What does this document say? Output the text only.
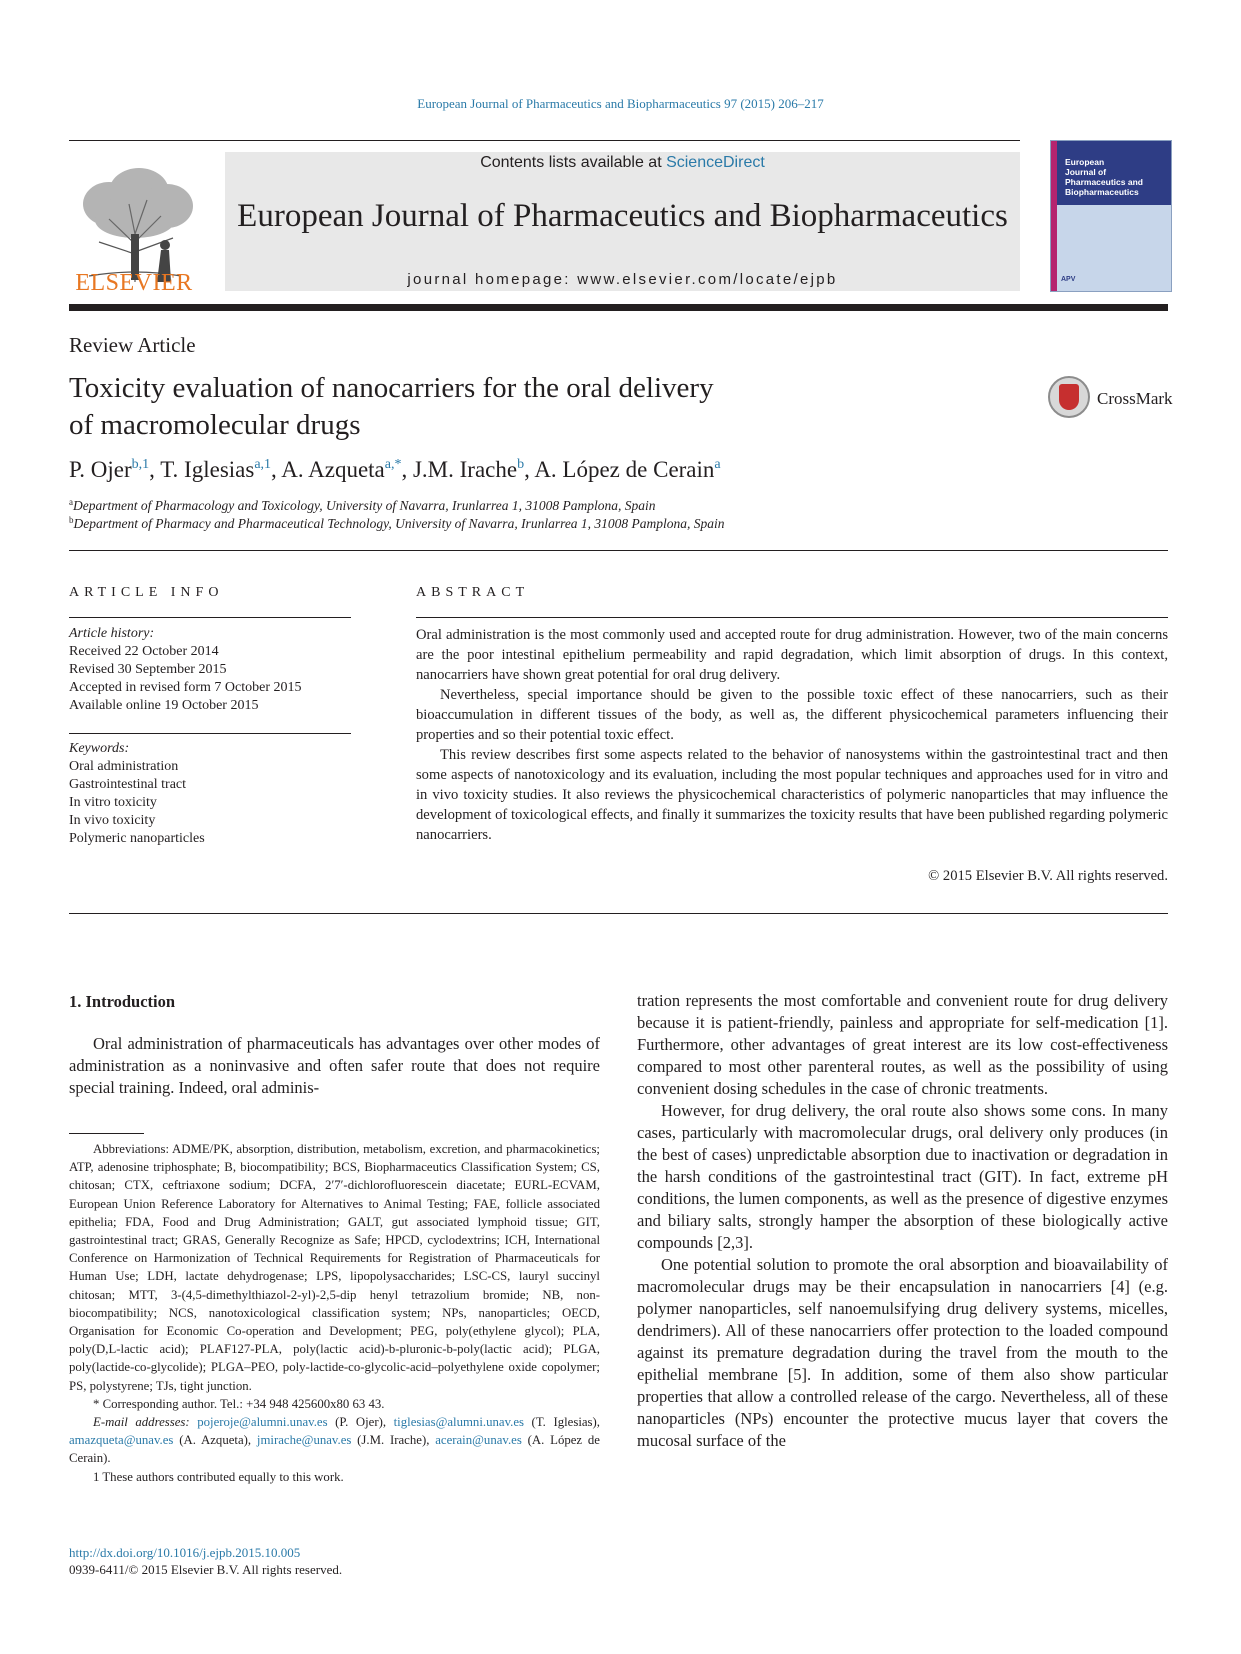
European Journal of Pharmaceutics and Biopharmaceutics 97 (2015) 206–217
ELSEVIER
Contents lists available at ScienceDirect
European Journal of Pharmaceutics and Biopharmaceutics
journal homepage: www.elsevier.com/locate/ejpb
European
Journal of
Pharmaceutics and
Biopharmaceutics
APV
Review Article
Toxicity evaluation of nanocarriers for the oral delivery
of macromolecular drugs
CrossMark
P. Ojer$^{b,1}$, T. Iglesias$^{a,1}$, A. Azqueta$^{a,*}$, J.M. Irache$^b$, A. López de Cerain$^a$
$^a$Department of Pharmacology and Toxicology, University of Navarra, Irunlarrea 1, 31008 Pamplona, Spain
$^b$Department of Pharmacy and Pharmaceutical Technology, University of Navarra, Irunlarrea 1, 31008 Pamplona, Spain
ARTICLE INFO	ABSTRACT
Article history:
Received 22 October 2014
Revised 30 September 2015
Accepted in revised form 7 October 2015
Available online 19 October 2015
Keywords:
Oral administration
Gastrointestinal tract
In vitro toxicity
In vivo toxicity
Polymeric nanoparticles

Oral administration is the most commonly used and accepted route for drug administration. However, two of the main concerns are the poor intestinal epithelium permeability and rapid degradation, which limit absorption of drugs. In this context, nanocarriers have shown great potential for oral drug delivery.

Nevertheless, special importance should be given to the possible toxic effect of these nanocarriers, such as their bioaccumulation in different tissues of the body, as well as, the different physicochemical parameters influencing their properties and so their potential toxic effect.

This review describes first some aspects related to the behavior of nanosystems within the gastrointestinal tract and then some aspects of nanotoxicology and its evaluation, including the most popular techniques and approaches used for in vitro and in vivo toxicity studies. It also reviews the physicochemical characteristics of polymeric nanoparticles that may influence the development of toxicological effects, and finally it summarizes the toxicity results that have been published regarding polymeric nanocarriers.

© 2015 Elsevier B.V. All rights reserved.
1. Introduction

Oral administration of pharmaceuticals has advantages over other modes of administration as a noninvasive and often safer route that does not require special training. Indeed, oral adminis-

Abbreviations: ADME/PK, absorption, distribution, metabolism, excretion, and pharmacokinetics; ATP, adenosine triphosphate; B, biocompatibility; BCS, Biopharmaceutics Classification System; CS, chitosan; CTX, ceftriaxone sodium; DCFA, 2′7′-dichlorofluorescein diacetate; EURL-ECVAM, European Union Reference Laboratory for Alternatives to Animal Testing; FAE, follicle associated epithelia; FDA, Food and Drug Administration; GALT, gut associated lymphoid tissue; GIT, gastrointestinal tract; GRAS, Generally Recognize as Safe; HPCD, cyclodextrins; ICH, International Conference on Harmonization of Technical Requirements for Registration of Pharmaceuticals for Human Use; LDH, lactate dehydrogenase; LPS, lipopolysaccharides; LSC-CS, lauryl succinyl chitosan; MTT, 3-(4,5-dimethylthiazol-2-yl)-2,5-dip henyl tetrazolium bromide; NB, non-biocompatibility; NCS, nanotoxicological classification system; NPs, nanoparticles; OECD, Organisation for Economic Co-operation and Development; PEG, poly(ethylene glycol); PLA, poly(D,L-lactic acid); PLAF127-PLA, poly(lactic acid)-b-pluronic-b-poly(lactic acid); PLGA, poly(lactide-co-glycolide); PLGA–PEO, poly-lactide-co-glycolic-acid–polyethylene oxide copolymer; PS, polystyrene; TJs, tight junction.

* Corresponding author. Tel.: +34 948 425600x80 63 43.

E-mail addresses: pojeroje@alumni.unav.es (P. Ojer), tiglesias@alumni.unav.es (T. Iglesias), amazqueta@unav.es (A. Azqueta), jmirache@unav.es (J.M. Irache), acerain@unav.es (A. López de Cerain).

1 These authors contributed equally to this work.

tration represents the most comfortable and convenient route for drug delivery because it is patient-friendly, painless and appropriate for self-medication [1]. Furthermore, other advantages of great interest are its low cost-effectiveness compared to most other parenteral routes, as well as the possibility of using convenient dosing schedules in the case of chronic treatments.

However, for drug delivery, the oral route also shows some cons. In many cases, particularly with macromolecular drugs, oral delivery only produces (in the best of cases) unpredictable absorption due to inactivation or degradation in the harsh conditions of the gastrointestinal tract (GIT). In fact, extreme pH conditions, the lumen components, as well as the presence of digestive enzymes and biliary salts, strongly hamper the absorption of these biologically active compounds [2,3].

One potential solution to promote the oral absorption and bioavailability of macromolecular drugs may be their encapsulation in nanocarriers [4] (e.g. polymer nanoparticles, self nanoemulsifying drug delivery systems, micelles, dendrimers). All of these nanocarriers offer protection to the loaded compound against its premature degradation during the travel from the mouth to the epithelial membrane [5]. In addition, some of them also show particular properties that allow a controlled release of the cargo. Nevertheless, all of these nanoparticles (NPs) encounter the protective mucus layer that covers the mucosal surface of the

http://dx.doi.org/10.1016/j.ejpb.2015.10.005
0939-6411/© 2015 Elsevier B.V. All rights reserved.
